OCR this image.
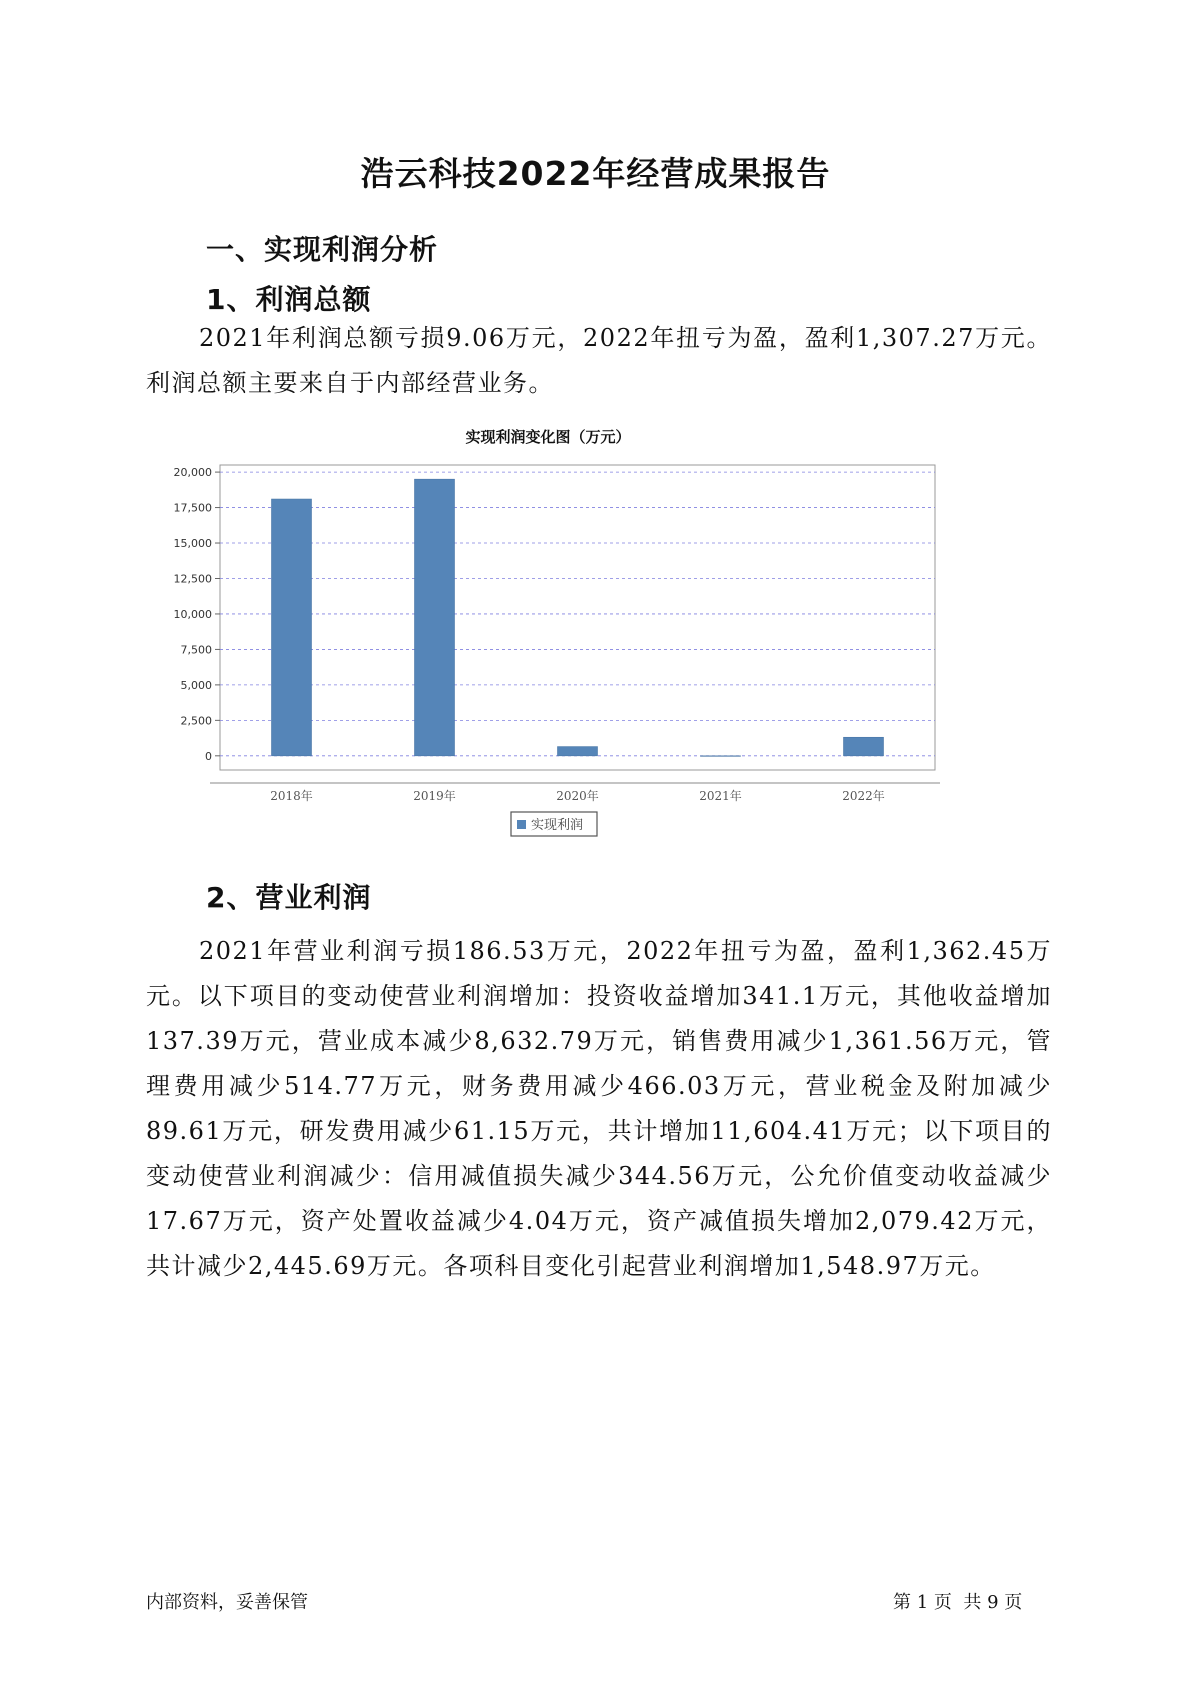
浩云科技2022年经营成果报告
一、实现利润分析
1、利润总额

2021年利润总额亏损9.06万元，2022年扭亏为盈，盈利1,307.27万元。利润总额主要来自于内部经营业务。

实现利润变化图（万元）
0
2,500
5,000
7,500
10,000
12,500
15,000
17,500
20,000
2018年	2019年	2020年	2021年	2022年
实现利润
2、营业利润

2021年营业利润亏损186.53万元，2022年扭亏为盈，盈利1,362.45万元。以下项目的变动使营业利润增加：投资收益增加341.1万元，其他收益增加137.39万元，营业成本减少8,632.79万元，销售费用减少1,361.56万元，管理费用减少514.77万元，财务费用减少466.03万元，营业税金及附加减少89.61万元，研发费用减少61.15万元，共计增加11,604.41万元；以下项目的变动使营业利润减少：信用减值损失减少344.56万元，公允价值变动收益减少17.67万元，资产处置收益减少4.04万元，资产减值损失增加2,079.42万元，共计减少2,445.69万元。各项科目变化引起营业利润增加1,548.97万元。

内部资料，妥善保管	第 1 页  共 9 页
